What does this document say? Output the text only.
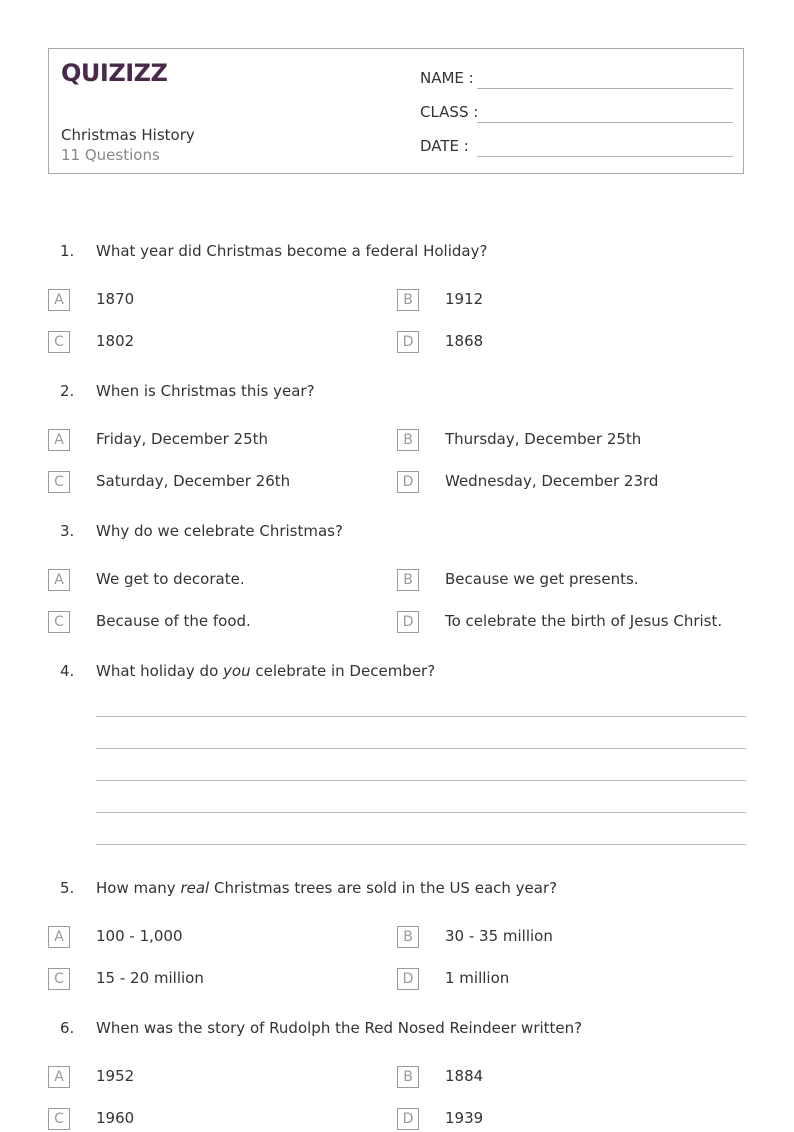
QUIZIZZ
Christmas History
11 Questions
NAME :
CLASS :
DATE :
1. What year did Christmas become a federal Holiday?
A	1870	B	1912
C	1802	D	1868
2. When is Christmas this year?
A	Friday, December 25th	B	Thursday, December 25th
C	Saturday, December 26th	D	Wednesday, December 23rd
3. Why do we celebrate Christmas?
A	We get to decorate.	B	Because we get presents.
C	Because of the food.	D	To celebrate the birth of Jesus Christ.
4. What holiday do you celebrate in December?
5. How many real Christmas trees are sold in the US each year?
A	100 - 1,000	B	30 - 35 million
C	15 - 20 million	D	1 million
6. When was the story of Rudolph the Red Nosed Reindeer written?
A	1952	B	1884
C	1960	D	1939
